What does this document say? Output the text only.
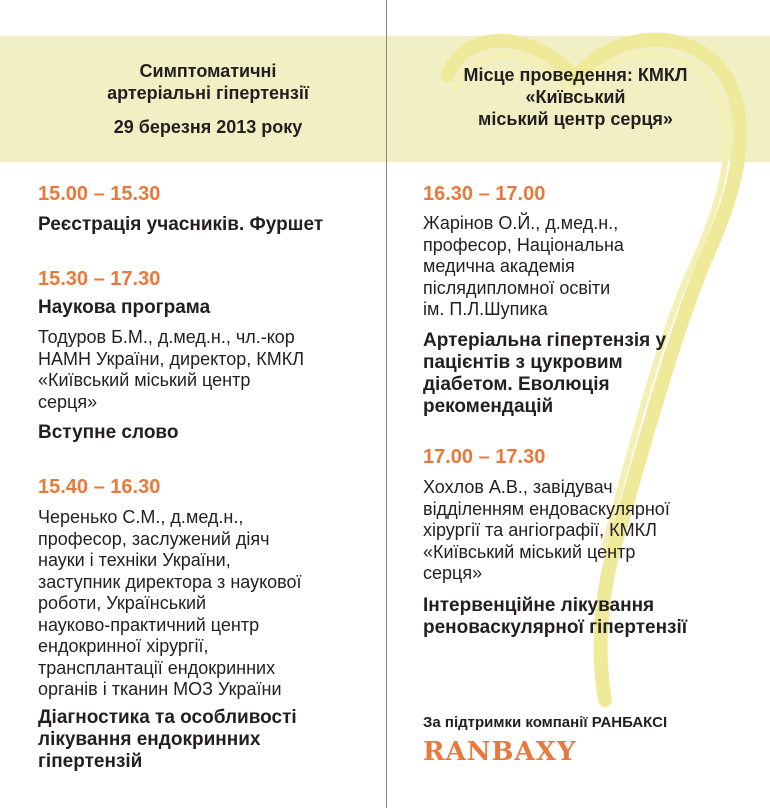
Симптоматичні
артеріальні гіпертензії
29 березня 2013 року
15.00 – 15.30
Реєстрація учасників. Фуршет
15.30 – 17.30
Наукова програма
Тодуров Б.М., д.мед.н., чл.-кор
НАМН України, директор, КМКЛ
«Київський міський центр
серця»
Вступне слово
15.40 – 16.30
Черенько С.М., д.мед.н.,
професор, заслужений діяч
науки і техніки України,
заступник директора з наукової
роботи, Український
науково-практичний центр
ендокринної хірургії,
трансплантації ендокринних
органів і тканин МОЗ України
Діагностика та особливості
лікування ендокринних
гіпертензій
Місце проведення: КМКЛ
«Київський
міський центр серця»
16.30 – 17.00
Жарінов О.Й., д.мед.н.,
професор, Національна
медична академія
післядипломної освіти
ім. П.Л.Шупика
Артеріальна гіпертензія у
пацієнтів з цукровим
діабетом. Еволюція
рекомендацій
17.00 – 17.30
Хохлов А.В., завідувач
відділенням ендоваскулярної
хірургії та ангіографії, КМКЛ
«Київський міський центр
серця»
Інтервенційне лікування
реноваскулярної гіпертензії
За підтримки компанії РАНБАКСІ
RANBAXY
